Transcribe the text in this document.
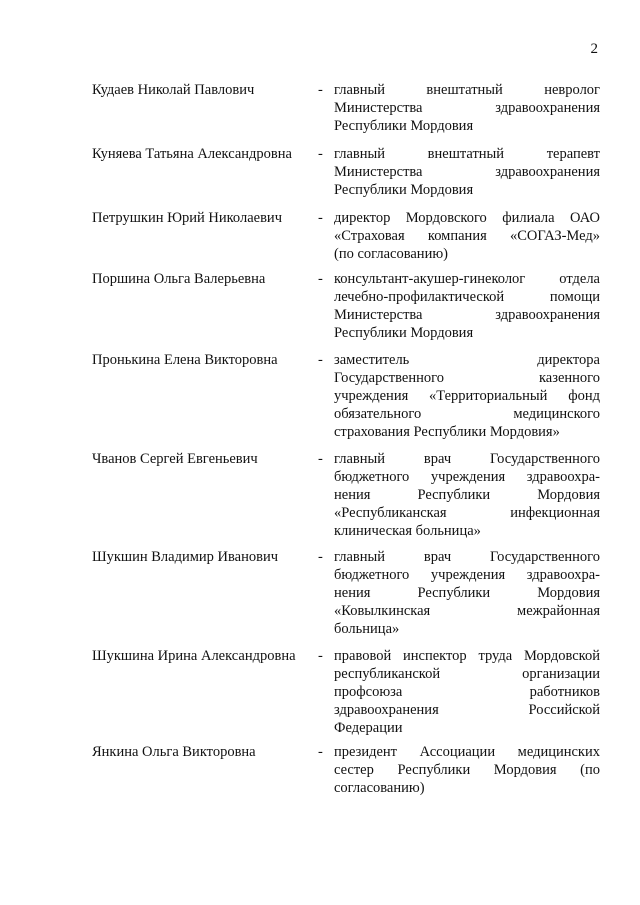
2
Кудаев Николай Павлович	- главный внештатный невролог
Министерства здравоохранения
Республики Мордовия
Куняева Татьяна Александровна - главный внештатный терапевт
Министерства здравоохранения
Республики Мордовия
Петрушкин Юрий Николаевич - директор Мордовского филиала ОАО
«Страховая компания «СОГАЗ-Мед»
(по согласованию)
Поршина Ольга Валерьевна	- консультант-акушер-гинеколог отдела
лечебно-профилактической помощи
Министерства здравоохранения
Республики Мордовия
Пронькина Елена Викторовна	- заместитель директора
Государственного казенного
учреждения «Территориальный фонд
обязательного медицинского
страхования Республики Мордовия»
Чванов Сергей Евгеньевич	- главный врач Государственного
бюджетного учреждения здравоохра-
нения Республики Мордовия
«Республиканская инфекционная
клиническая больница»
Шукшин Владимир Иванович	- главный врач Государственного
бюджетного учреждения здравоохра-
нения Республики Мордовия
«Ковылкинская межрайонная
больница»
Шукшина Ирина Александровна - правовой инспектор труда Мордовской
республиканской организации
профсоюза работников
здравоохранения Российской
Федерации
Янкина Ольга Викторовна	- президент Ассоциации медицинских
сестер Республики Мордовия (по
согласованию)
